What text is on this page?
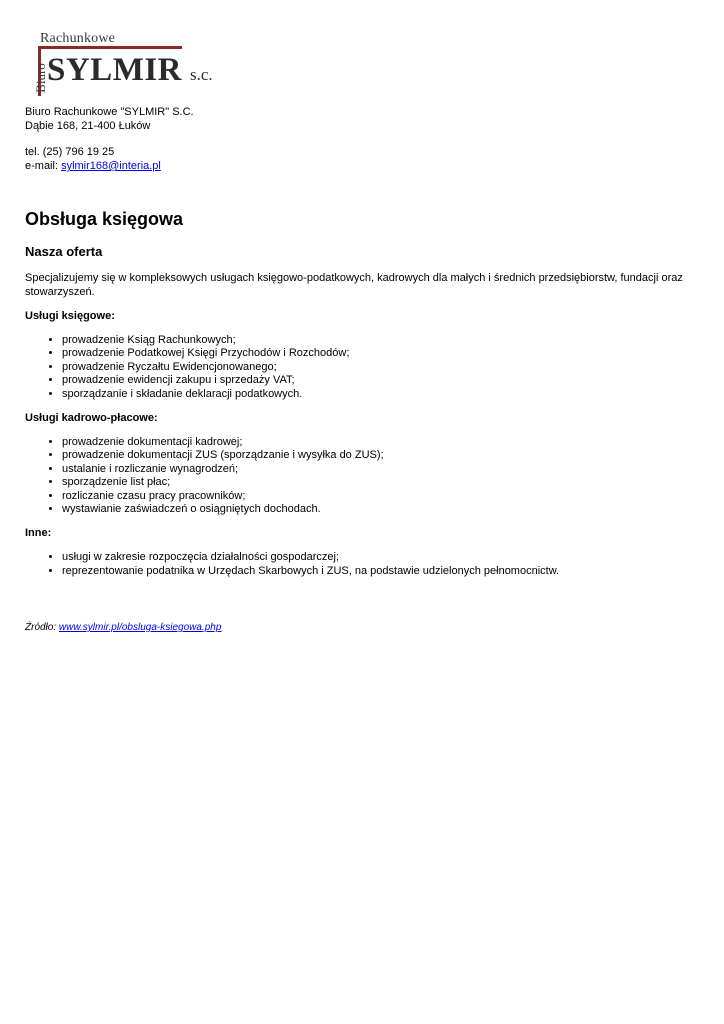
Rachunkowe
Biuro SYLMIR s.c.
Biuro Rachunkowe "SYLMIR" S.C.
Dąbie 168, 21-400 Łuków
tel. (25) 796 19 25
e-mail: sylmir168@interia.pl
Obsługa księgowa
Nasza oferta

Specjalizujemy się w kompleksowych usługach księgowo-podatkowych, kadrowych dla małych i średnich przedsiębiorstw, fundacji oraz stowarzyszeń.

Usługi księgowe:
• prowadzenie Ksiąg Rachunkowych;
• prowadzenie Podatkowej Księgi Przychodów i Rozchodów;
• prowadzenie Ryczałtu Ewidencjonowanego;
• prowadzenie ewidencji zakupu i sprzedaży VAT;
• sporządzanie i składanie deklaracji podatkowych.
Usługi kadrowo-płacowe:
• prowadzenie dokumentacji kadrowej;
• prowadzenie dokumentacji ZUS (sporządzanie i wysyłka do ZUS);
• ustalanie i rozliczanie wynagrodzeń;
• sporządzenie list płac;
• rozliczanie czasu pracy pracowników;
• wystawianie zaświadczeń o osiągniętych dochodach.
Inne:
• usługi w zakresie rozpoczęcia działalności gospodarczej;
• reprezentowanie podatnika w Urzędach Skarbowych i ZUS, na podstawie udzielonych pełnomocnictw.
Źródło: www.sylmir.pl/obsluga-ksiegowa.php
